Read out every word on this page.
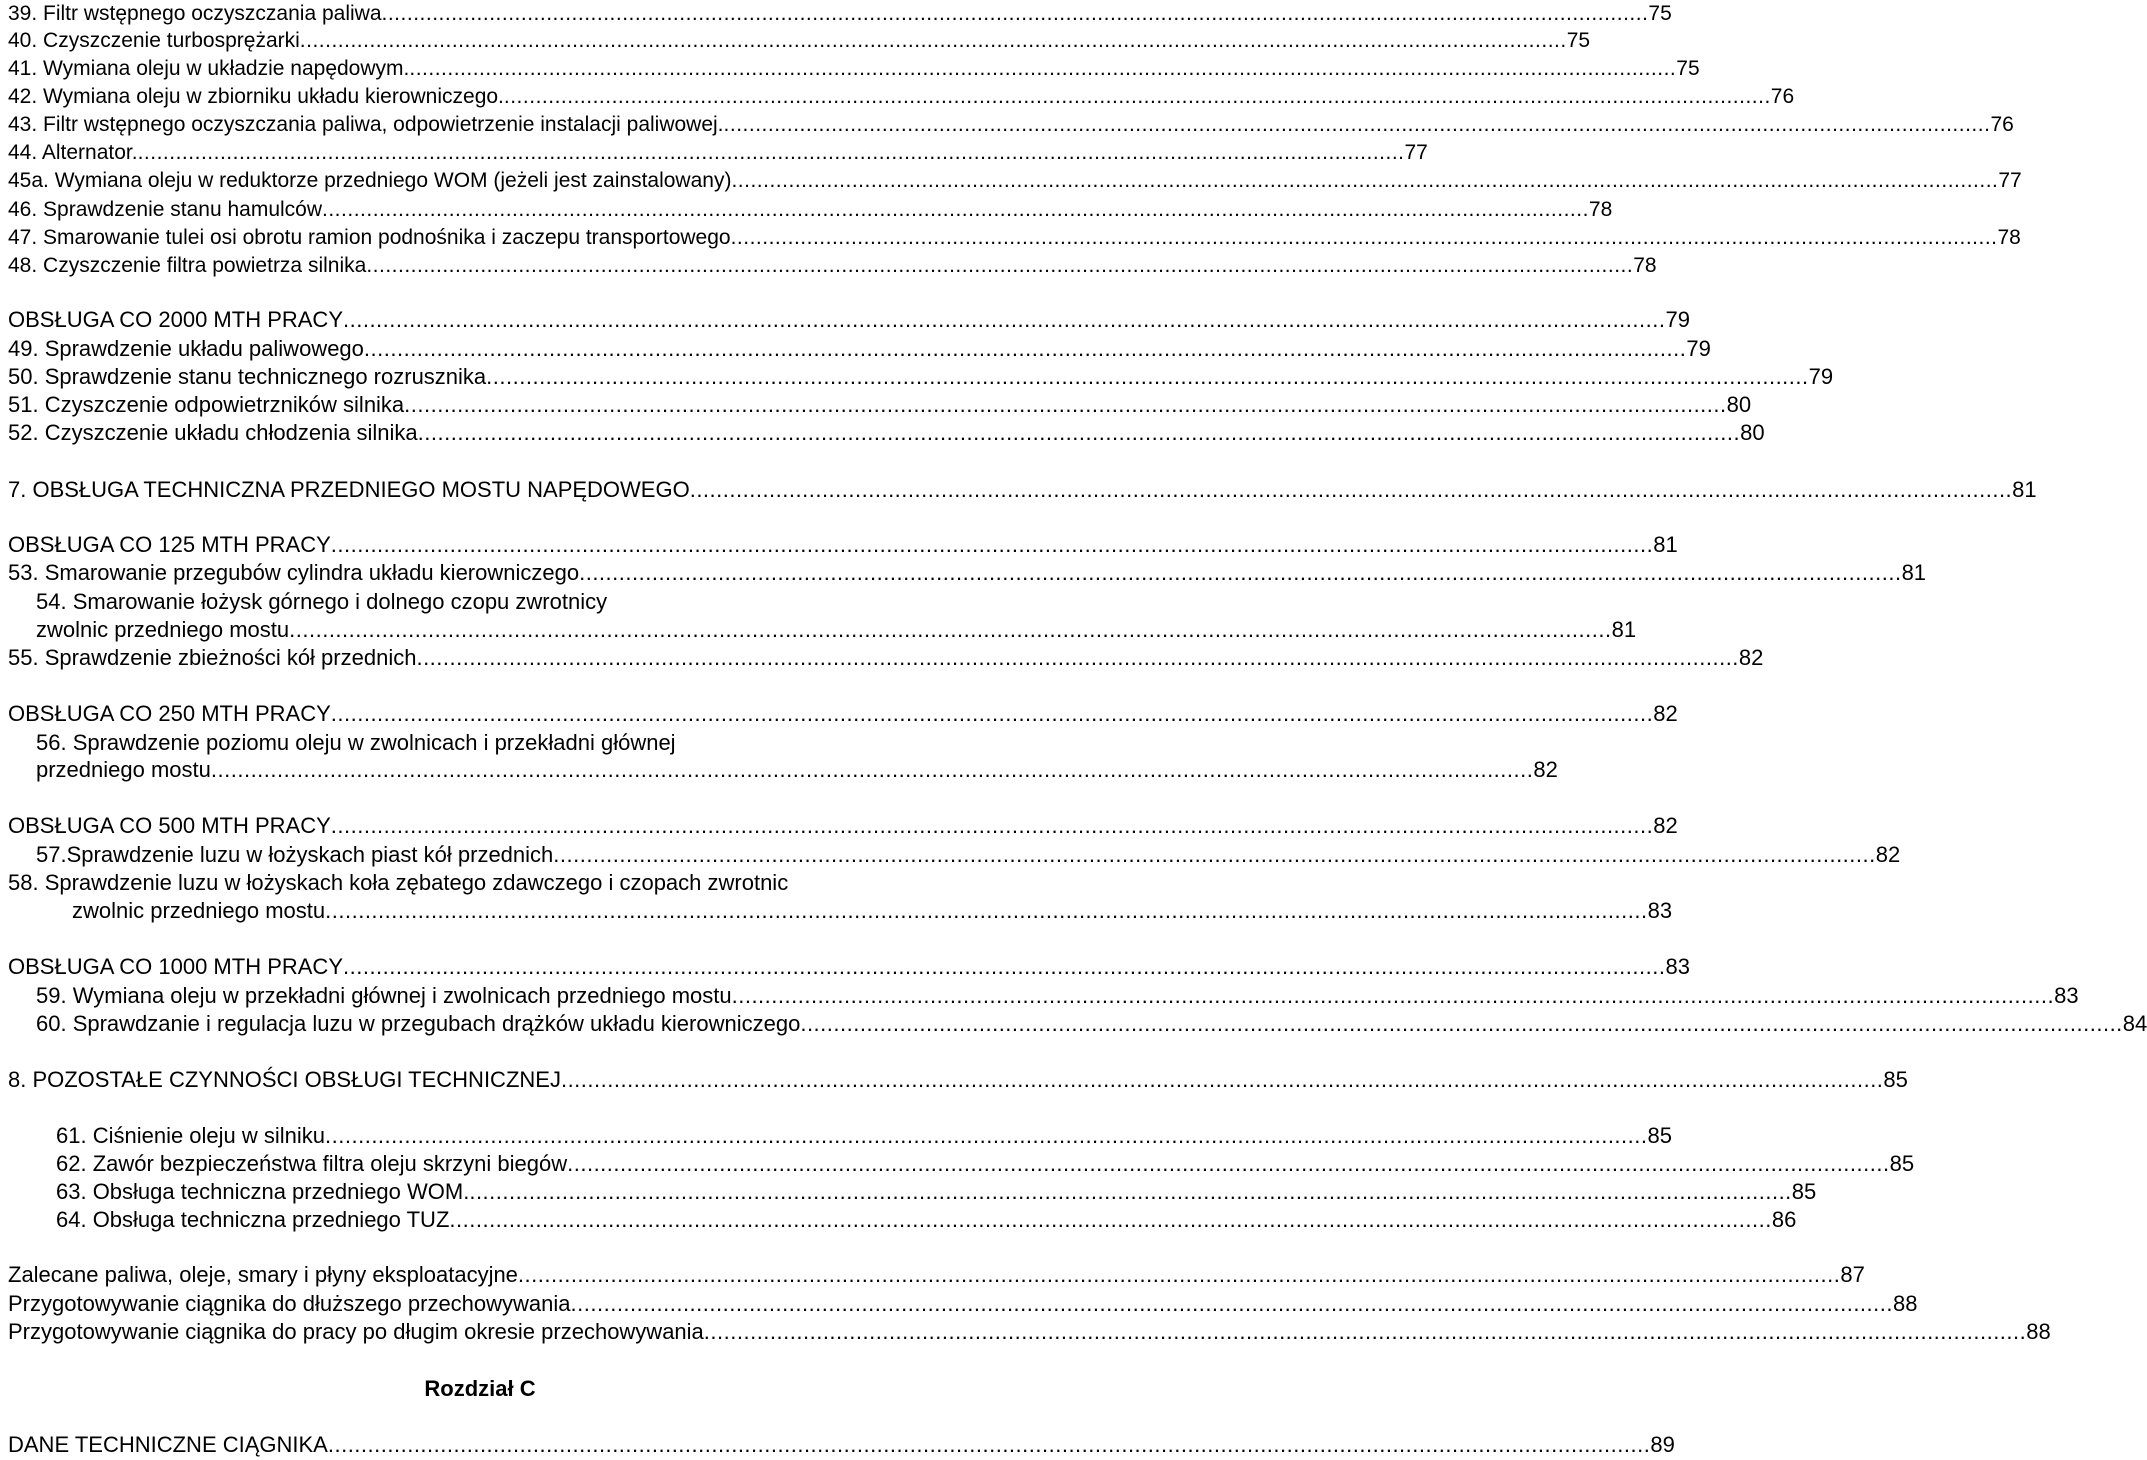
39. Filtr wstępnego oczyszczania paliwa ........................................................................................................................................................................................................ 75
40. Czyszczenie turbosprężarki ........................................................................................................................................................................................................ 75
41. Wymiana oleju w układzie napędowym. ........................................................................................................................................................................................................ 75
42. Wymiana oleju w zbiorniku układu kierowniczego. ........................................................................................................................................................................................................ 76
43. Filtr wstępnego oczyszczania paliwa, odpowietrzenie instalacji paliwowej. ........................................................................................................................................................................................................ 76
44. Alternator. ........................................................................................................................................................................................................ 77
45a. Wymiana oleju w reduktorze przedniego WOM (jeżeli jest zainstalowany) ........................................................................................................................................................................................................ 77
46. Sprawdzenie stanu hamulców ........................................................................................................................................................................................................ 78
47. Smarowanie tulei osi obrotu ramion podnośnika i zaczepu transportowego ........................................................................................................................................................................................................ 78
48. Czyszczenie filtra powietrza silnika ........................................................................................................................................................................................................ 78
OBSŁUGA CO 2000 MTH PRACY ........................................................................................................................................................................................................ 79
49. Sprawdzenie układu paliwowego ........................................................................................................................................................................................................ 79
50. Sprawdzenie stanu technicznego rozrusznika ........................................................................................................................................................................................................ 79
51. Czyszczenie odpowietrzników silnika ........................................................................................................................................................................................................ 80
52. Czyszczenie układu chłodzenia silnika ........................................................................................................................................................................................................ 80
7. OBSŁUGA TECHNICZNA PRZEDNIEGO MOSTU NAPĘDOWEGO ........................................................................................................................................................................................................ 81
OBSŁUGA CO 125 MTH PRACY ........................................................................................................................................................................................................ 81
53. Smarowanie przegubów cylindra układu kierowniczego ........................................................................................................................................................................................................ 81
54. Smarowanie łożysk górnego i dolnego czopu zwrotnicy
zwolnic przedniego mostu ........................................................................................................................................................................................................ 81
55. Sprawdzenie zbieżności kół przednich ........................................................................................................................................................................................................ 82
OBSŁUGA CO 250 MTH PRACY ........................................................................................................................................................................................................ 82
56. Sprawdzenie poziomu oleju w zwolnicach i przekładni głównej
przedniego mostu ........................................................................................................................................................................................................ 82
OBSŁUGA CO 500 MTH PRACY ........................................................................................................................................................................................................ 82
57.Sprawdzenie luzu w łożyskach piast kół przednich ........................................................................................................................................................................................................ 82
58. Sprawdzenie luzu w łożyskach koła zębatego zdawczego i czopach zwrotnic
zwolnic przedniego mostu ........................................................................................................................................................................................................ 83
OBSŁUGA CO 1000 MTH PRACY ........................................................................................................................................................................................................ 83
59. Wymiana oleju w przekładni głównej i zwolnicach przedniego mostu ........................................................................................................................................................................................................ 83
60. Sprawdzanie i regulacja luzu w przegubach drążków układu kierowniczego ........................................................................................................................................................................................................ 84
8. POZOSTAŁE CZYNNOŚCI OBSŁUGI TECHNICZNEJ ........................................................................................................................................................................................................ 85
61. Ciśnienie oleju w silniku ........................................................................................................................................................................................................ 85
62. Zawór bezpieczeństwa filtra oleju skrzyni biegów ........................................................................................................................................................................................................ 85
63. Obsługa techniczna przedniego WOM. ........................................................................................................................................................................................................ 85
64. Obsługa techniczna przedniego TUZ ........................................................................................................................................................................................................ 86
Zalecane paliwa, oleje, smary i płyny eksploatacyjne ........................................................................................................................................................................................................ 87
Przygotowywanie ciągnika do dłuższego przechowywania ........................................................................................................................................................................................................ 88
Przygotowywanie ciągnika do pracy po długim okresie przechowywania ........................................................................................................................................................................................................ 88
Rozdział C
DANE TECHNICZNE CIĄGNIKA ........................................................................................................................................................................................................ 89
